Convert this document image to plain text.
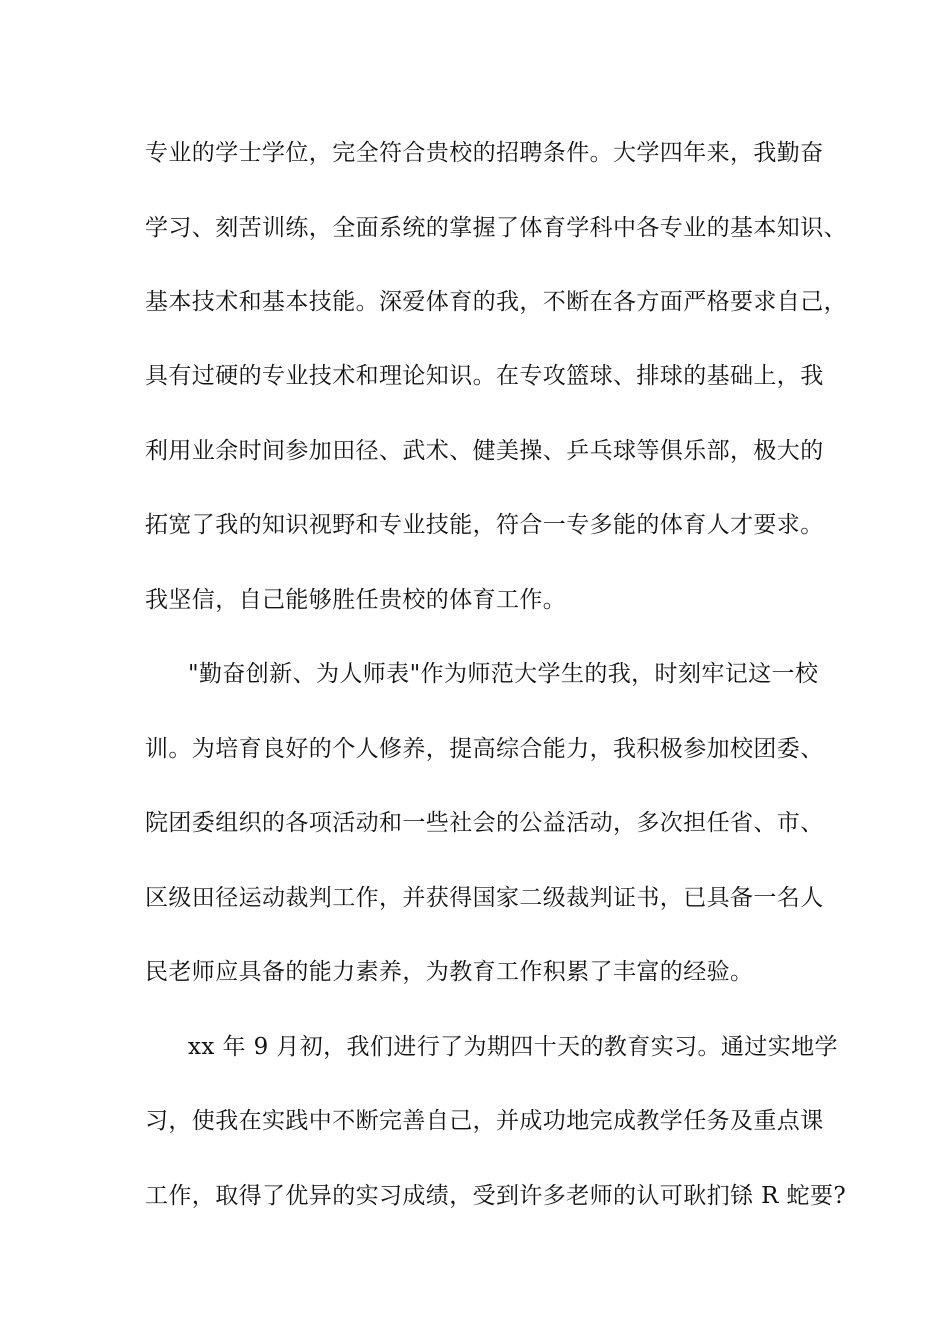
专业的学士学位，完全符合贵校的招聘条件。大学四年来，我勤奋
学习、刻苦训练，全面系统的掌握了体育学科中各专业的基本知识、
基本技术和基本技能。深爱体育的我，不断在各方面严格要求自己，
具有过硬的专业技术和理论知识。在专攻篮球、排球的基础上，我
利用业余时间参加田径、武术、健美操、乒乓球等俱乐部，极大的
拓宽了我的知识视野和专业技能，符合一专多能的体育人才要求。
我坚信，自己能够胜任贵校的体育工作。
"勤奋创新、为人师表"作为师范大学生的我，时刻牢记这一校
训。为培育良好的个人修养，提高综合能力，我积极参加校团委、
院团委组织的各项活动和一些社会的公益活动，多次担任省、市、
区级田径运动裁判工作，并获得国家二级裁判证书，已具备一名人
民老师应具备的能力素养，为教育工作积累了丰富的经验。
xx 年 9 月初，我们进行了为期四十天的教育实习。通过实地学
习，使我在实践中不断完善自己，并成功地完成教学任务及重点课
工作，取得了优异的实习成绩，受到许多老师的认可耿扪铩 R 蛇要?
